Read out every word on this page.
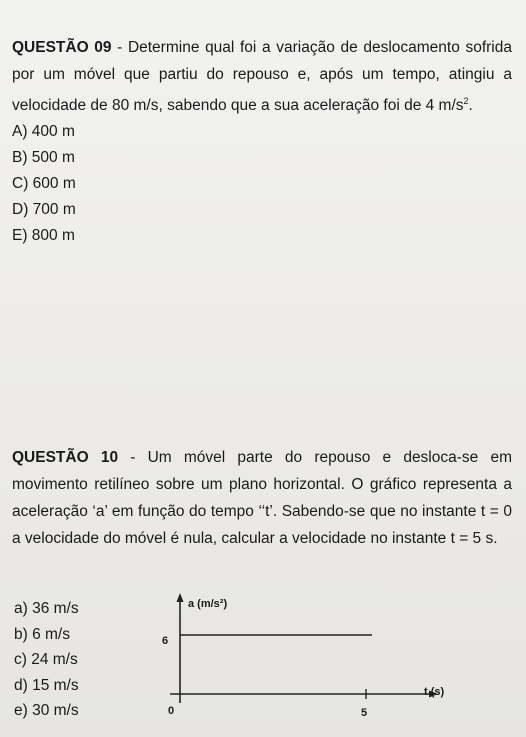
QUESTÃO 09 - Determine qual foi a variação de deslocamento sofrida por um móvel que partiu do repouso e, após um tempo, atingiu a velocidade de 80 m/s, sabendo que a sua aceleração foi de 4 $m/s^2$.

A) 400 m
B) 500 m
C) 600 m
D) 700 m
E) 800 m

QUESTÃO 10 - Um móvel parte do repouso e desloca-se em movimento retilíneo sobre um plano horizontal. O gráfico representa a aceleração ‘a’ em função do tempo ‘‘t’. Sabendo-se que no instante t = 0 a velocidade do móvel é nula, calcular a velocidade no instante t = 5 s.

a) 36 m/s
b) 6 m/s
c) 24 m/s
d) 15 m/s
e) 30 m/s
a (m/s²)
t (s)
6
0	5
